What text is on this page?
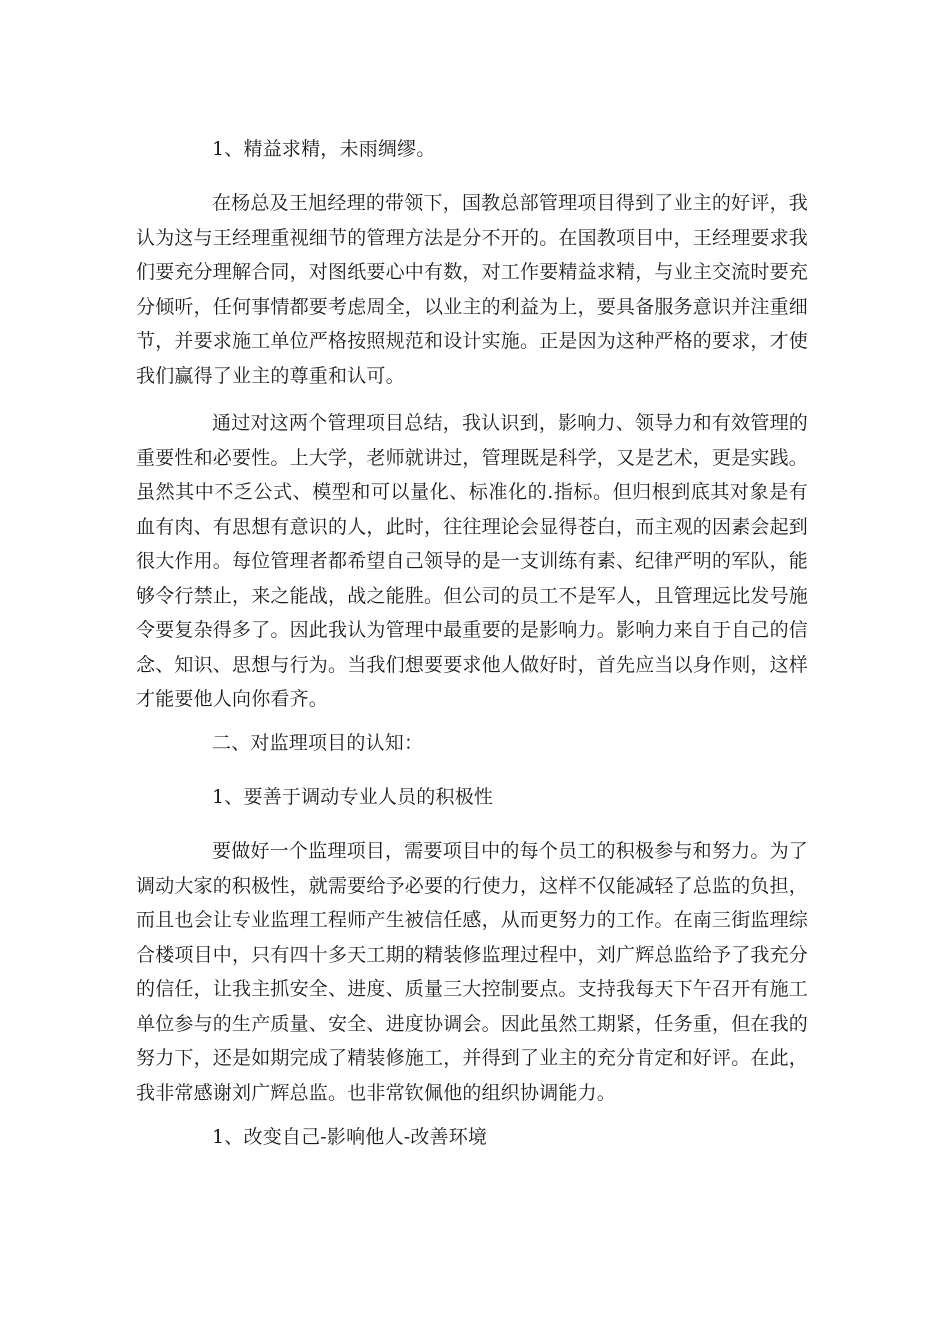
1、精益求精，未雨绸缪。

在杨总及王旭经理的带领下，国教总部管理项目得到了业主的好评，我认为这与王经理重视细节的管理方法是分不开的。在国教项目中，王经理要求我们要充分理解合同，对图纸要心中有数，对工作要精益求精，与业主交流时要充分倾听，任何事情都要考虑周全，以业主的利益为上，要具备服务意识并注重细节，并要求施工单位严格按照规范和设计实施。正是因为这种严格的要求，才使我们赢得了业主的尊重和认可。

通过对这两个管理项目总结，我认识到，影响力、领导力和有效管理的重要性和必要性。上大学，老师就讲过，管理既是科学，又是艺术，更是实践。虽然其中不乏公式、模型和可以量化、标准化的.指标。但归根到底其对象是有血有肉、有思想有意识的人，此时，往往理论会显得苍白，而主观的因素会起到很大作用。每位管理者都希望自己领导的是一支训练有素、纪律严明的军队，能够令行禁止，来之能战，战之能胜。但公司的员工不是军人，且管理远比发号施令要复杂得多了。因此我认为管理中最重要的是影响力。影响力来自于自己的信念、知识、思想与行为。当我们想要要求他人做好时，首先应当以身作则，这样才能要他人向你看齐。

二、对监理项目的认知：

1、要善于调动专业人员的积极性

要做好一个监理项目，需要项目中的每个员工的积极参与和努力。为了调动大家的积极性，就需要给予必要的行使力，这样不仅能减轻了总监的负担，而且也会让专业监理工程师产生被信任感，从而更努力的工作。在南三街监理综合楼项目中，只有四十多天工期的精装修监理过程中，刘广辉总监给予了我充分的信任，让我主抓安全、进度、质量三大控制要点。支持我每天下午召开有施工单位参与的生产质量、安全、进度协调会。因此虽然工期紧，任务重，但在我的努力下，还是如期完成了精装修施工，并得到了业主的充分肯定和好评。在此，我非常感谢刘广辉总监。也非常钦佩他的组织协调能力。

1、改变自己-影响他人-改善环境
